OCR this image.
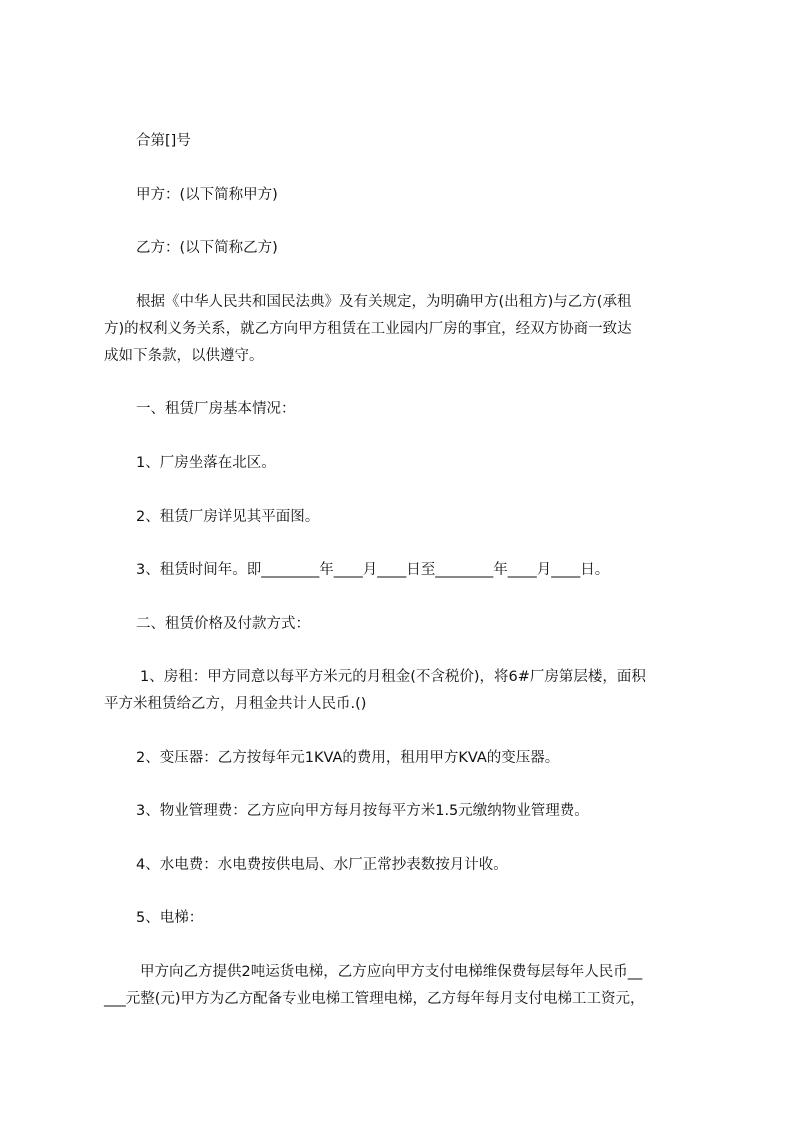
合第[]号

甲方：(以下简称甲方)

乙方：(以下简称乙方)

根据《中华人民共和国民法典》及有关规定，为明确甲方(出租方)与乙方(承租

方)的权利义务关系，就乙方向甲方租赁在工业园内厂房的事宜，经双方协商一致达

成如下条款，以供遵守。

一、租赁厂房基本情况：

1、厂房坐落在北区。

2、租赁厂房详见其平面图。

3、租赁时间年。即________年____月____日至________年____月____日。

二、租赁价格及付款方式：

1、房租：甲方同意以每平方米元的月租金(不含税价)，将6#厂房第层楼，面积

平方米租赁给乙方，月租金共计人民币.()

2、变压器：乙方按每年元1KVA的费用，租用甲方KVA的变压器。

3、物业管理费：乙方应向甲方每月按每平方米1.5元缴纳物业管理费。

4、水电费：水电费按供电局、水厂正常抄表数按月计收。

5、电梯：

甲方向乙方提供2吨运货电梯，乙方应向甲方支付电梯维保费每层每年人民币__

___元整(元)甲方为乙方配备专业电梯工管理电梯，乙方每年每月支付电梯工工资元，
